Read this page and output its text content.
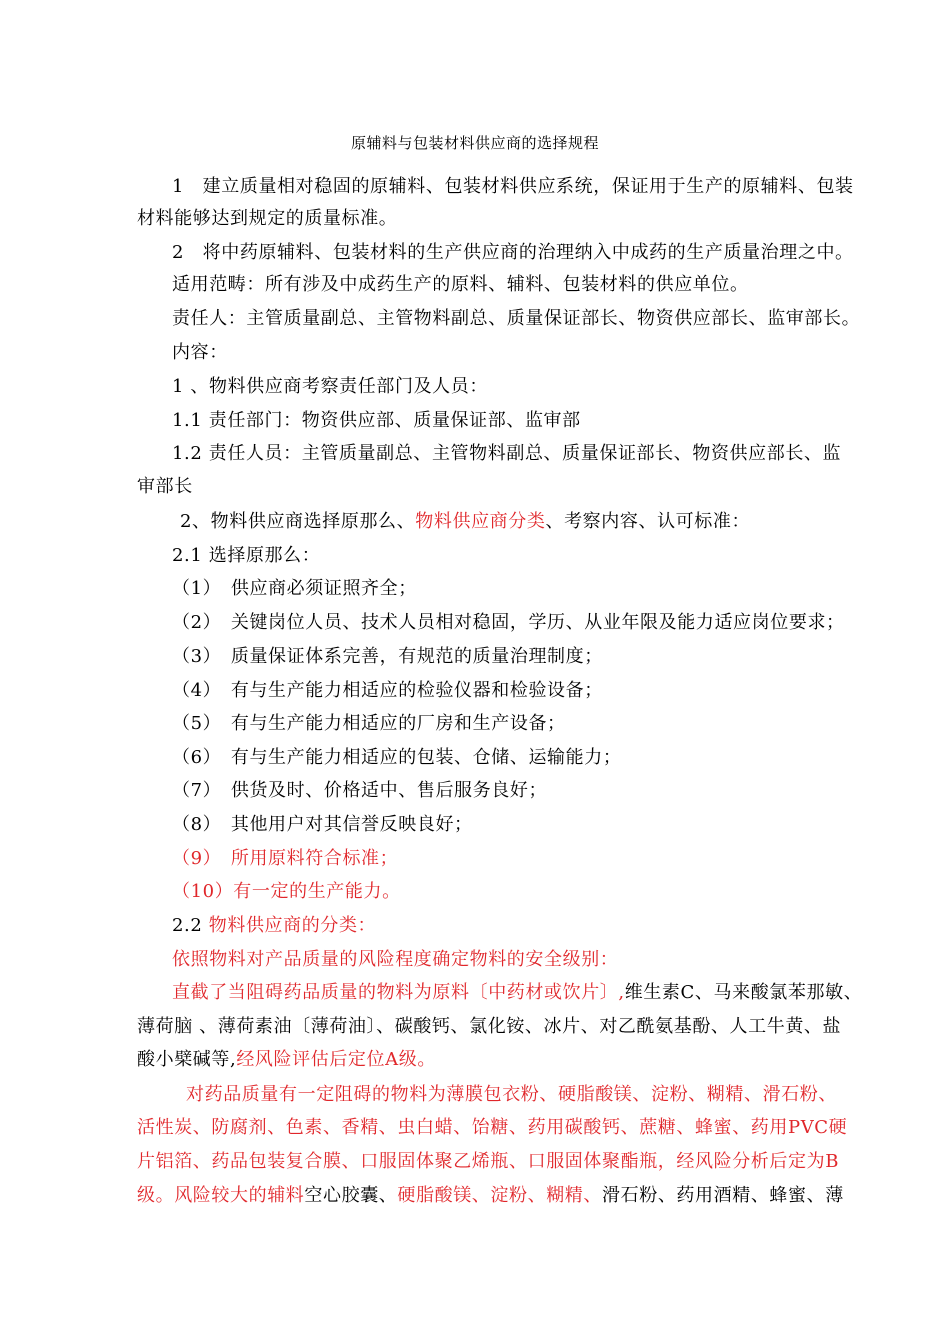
原辅料与包装材料供应商的选择规程
1　建立质量相对稳固的原辅料、包装材料供应系统，保证用于生产的原辅料、包装
材料能够达到规定的质量标准。
2　将中药原辅料、包装材料的生产供应商的治理纳入中成药的生产质量治理之中。
适用范畴：所有涉及中成药生产的原料、辅料、包装材料的供应单位。
责任人：主管质量副总、主管物料副总、质量保证部长、物资供应部长、监审部长。
内容：
1 、物料供应商考察责任部门及人员：
1.1 责任部门：物资供应部、质量保证部、监审部
1.2 责任人员：主管质量副总、主管物料副总、质量保证部长、物资供应部长、监
审部长
2、物料供应商选择原那么、物料供应商分类、考察内容、认可标准：
2.1 选择原那么：
（1）　供应商必须证照齐全；
（2）　关键岗位人员、技术人员相对稳固，学历、从业年限及能力适应岗位要求；
（3）　质量保证体系完善，有规范的质量治理制度；
（4）　有与生产能力相适应的检验仪器和检验设备；
（5）　有与生产能力相适应的厂房和生产设备；
（6）　有与生产能力相适应的包装、仓储、运输能力；
（7）　供货及时、价格适中、售后服务良好；
（8）　其他用户对其信誉反映良好；
（9）　所用原料符合标准；
（10）有一定的生产能力。
2.2 物料供应商的分类：
依照物料对产品质量的风险程度确定物料的安全级别：
直截了当阻碍药品质量的物料为原料〔中药材或饮片〕,维生素C、马来酸氯苯那敏、
薄荷脑 、薄荷素油〔薄荷油〕、碳酸钙、氯化铵、冰片、对乙酰氨基酚、人工牛黄、盐
酸小檗碱等,经风险评估后定位A级。
对药品质量有一定阻碍的物料为薄膜包衣粉、硬脂酸镁、淀粉、糊精、滑石粉、
活性炭、防腐剂、色素、香精、虫白蜡、饴糖、药用碳酸钙、蔗糖、蜂蜜、药用PVC硬
片铝箔、药品包装复合膜、口服固体聚乙烯瓶、口服固体聚酯瓶，经风险分析后定为B
级。风险较大的辅料空心胶囊、硬脂酸镁、淀粉、糊精、滑石粉、药用酒精、蜂蜜、薄
